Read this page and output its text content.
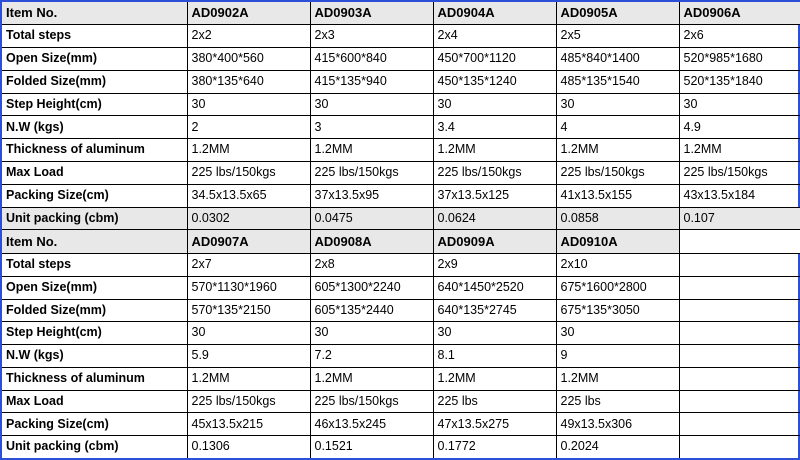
Item No.	AD0902A	AD0903A	AD0904A	AD0905A	AD0906A
Total steps	2x2	2x3	2x4	2x5	2x6
Open Size(mm)	380*400*560	415*600*840	450*700*1120	485*840*1400	520*985*1680
Folded Size(mm)	380*135*640	415*135*940	450*135*1240	485*135*1540	520*135*1840
Step Height(cm)	30	30	30	30	30
N.W (kgs)	2	3	3.4	4	4.9
Thickness of aluminum	1.2MM	1.2MM	1.2MM	1.2MM	1.2MM
Max Load	225 lbs/150kgs	225 lbs/150kgs	225 lbs/150kgs	225 lbs/150kgs	225 lbs/150kgs
Packing Size(cm)	34.5x13.5x65	37x13.5x95	37x13.5x125	41x13.5x155	43x13.5x184
Unit packing (cbm)	0.0302	0.0475	0.0624	0.0858	0.107
Item No.	AD0907A	AD0908A	AD0909A	AD0910A	
Total steps	2x7	2x8	2x9	2x10	
Open Size(mm)	570*1130*1960	605*1300*2240	640*1450*2520	675*1600*2800	
Folded Size(mm)	570*135*2150	605*135*2440	640*135*2745	675*135*3050	
Step Height(cm)	30	30	30	30	
N.W (kgs)	5.9	7.2	8.1	9	
Thickness of aluminum	1.2MM	1.2MM	1.2MM	1.2MM	
Max Load	225 lbs/150kgs	225 lbs/150kgs	225 lbs	225 lbs	
Packing Size(cm)	45x13.5x215	46x13.5x245	47x13.5x275	49x13.5x306	
Unit packing (cbm)	0.1306	0.1521	0.1772	0.2024	
